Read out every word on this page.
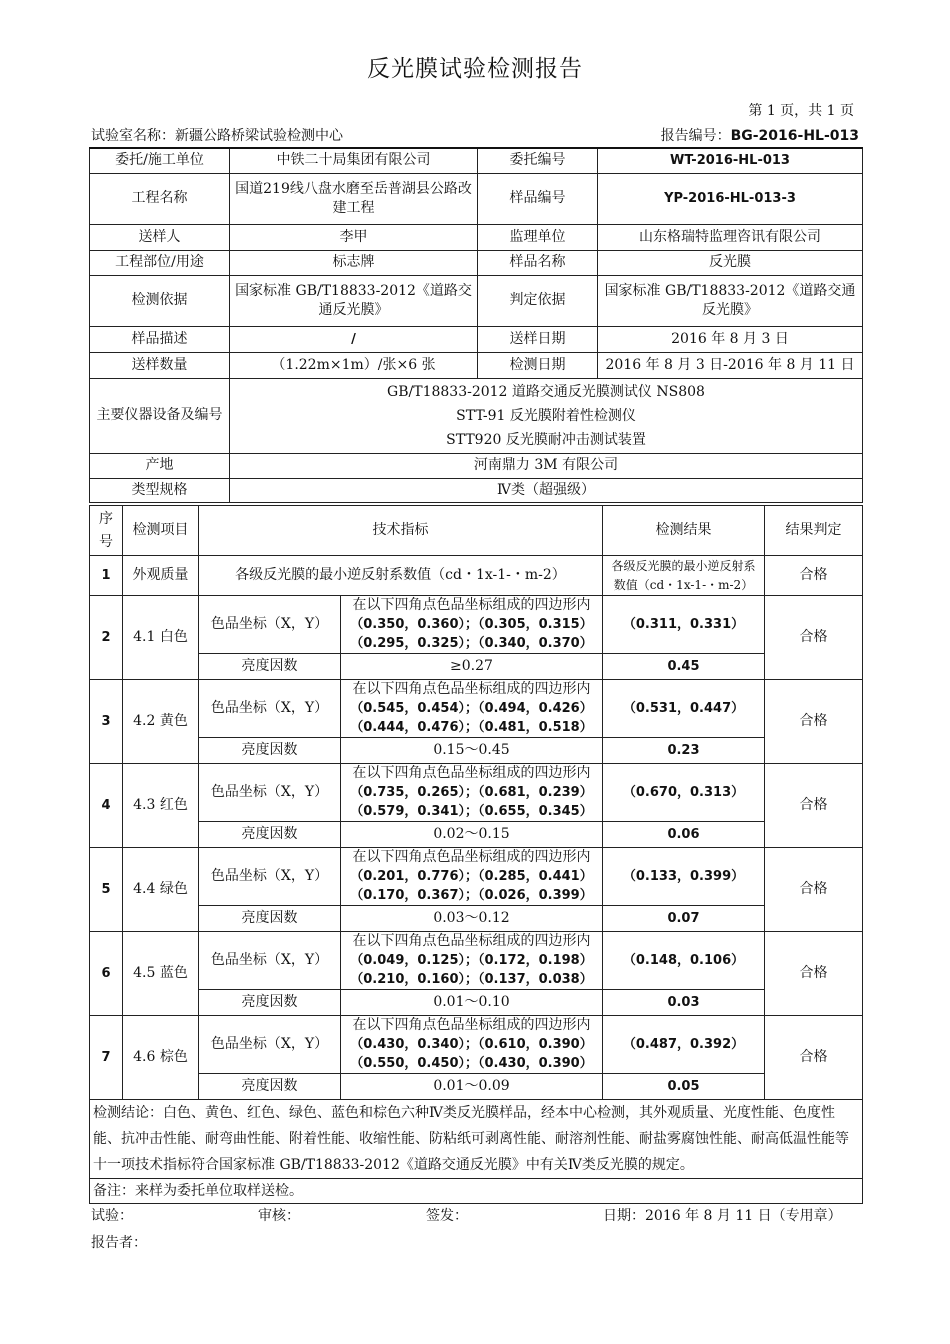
反光膜试验检测报告
第 1 页，共 1 页
试验室名称：新疆公路桥梁试验检测中心	报告编号：BG-2016-HL-013
委托/施工单位	中铁二十局集团有限公司	委托编号	WT-2016-HL-013
工程名称	国道219线八盘水磨至岳普湖县公路改建工程	样品编号	YP-2016-HL-013-3
送样人	李甲	监理单位	山东格瑞特监理咨讯有限公司
工程部位/用途	标志牌	样品名称	反光膜
检测依据	国家标准 GB/T18833-2012《道路交通反光膜》	判定依据	国家标准 GB/T18833-2012《道路交通反光膜》
样品描述	/	送样日期	2016 年 8 月 3 日
送样数量	（1.22m×1m）/张×6 张	检测日期	2016 年 8 月 3 日-2016 年 8 月 11 日
主要仪器设备及编号	GB/T18833-2012 道路交通反光膜测试仪 NS808
STT-91 反光膜附着性检测仪
STT920 反光膜耐冲击测试装置		

产地	河南鼎力 3M 有限公司		
类型规格	Ⅳ类（超强级）		
序号	检测项目	技术指标		检测结果	结果判定
1	外观质量	各级反光膜的最小逆反射系数值（cd・1x-1-・m-2）		各级反光膜的最小逆反射系数值（cd・1x-1-・m-2）	合格
2	4.1 白色	色品坐标（X，Y）	在以下四角点色品坐标组成的四边形内
（0.350，0.360）；（0.305，0.315）
（0.295，0.325）；（0.340，0.370）	（0.311，0.331）	合格
		亮度因数	≥0.27	0.45	
3	4.2 黄色	色品坐标（X，Y）	在以下四角点色品坐标组成的四边形内
（0.545，0.454）；（0.494，0.426）
（0.444，0.476）；（0.481，0.518）	（0.531，0.447）	合格
		亮度因数	0.15～0.45	0.23	
4	4.3 红色	色品坐标（X，Y）	在以下四角点色品坐标组成的四边形内
（0.735，0.265）；（0.681，0.239）
（0.579，0.341）；（0.655，0.345）	（0.670，0.313）	合格
		亮度因数	0.02～0.15	0.06	
5	4.4 绿色	色品坐标（X，Y）	在以下四角点色品坐标组成的四边形内
（0.201，0.776）；（0.285，0.441）
（0.170，0.367）；（0.026，0.399）	（0.133，0.399）	合格
		亮度因数	0.03～0.12	0.07	
6	4.5 蓝色	色品坐标（X，Y）	在以下四角点色品坐标组成的四边形内
（0.049，0.125）；（0.172，0.198）
（0.210，0.160）；（0.137，0.038）	（0.148，0.106）	合格
		亮度因数	0.01～0.10	0.03	
7	4.6 棕色	色品坐标（X，Y）	在以下四角点色品坐标组成的四边形内
（0.430，0.340）；（0.610，0.390）
（0.550，0.450）；（0.430，0.390）	（0.487，0.392）	合格
		亮度因数	0.01～0.09	0.05	
检测结论：白色、黄色、红色、绿色、蓝色和棕色六种Ⅳ类反光膜样品，经本中心检测，其外观质量、光度性能、色度性能、抗冲击性能、耐弯曲性能、附着性能、收缩性能、防粘纸可剥离性能、耐溶剂性能、耐盐雾腐蚀性能、耐高低温性能等十一项技术指标符合国家标准 GB/T18833-2012《道路交通反光膜》中有关Ⅳ类反光膜的规定。					
备注：来样为委托单位取样送检。					
试验：	审核：	签发：	日期：2016 年 8 月 11 日（专用章）
报告者：
